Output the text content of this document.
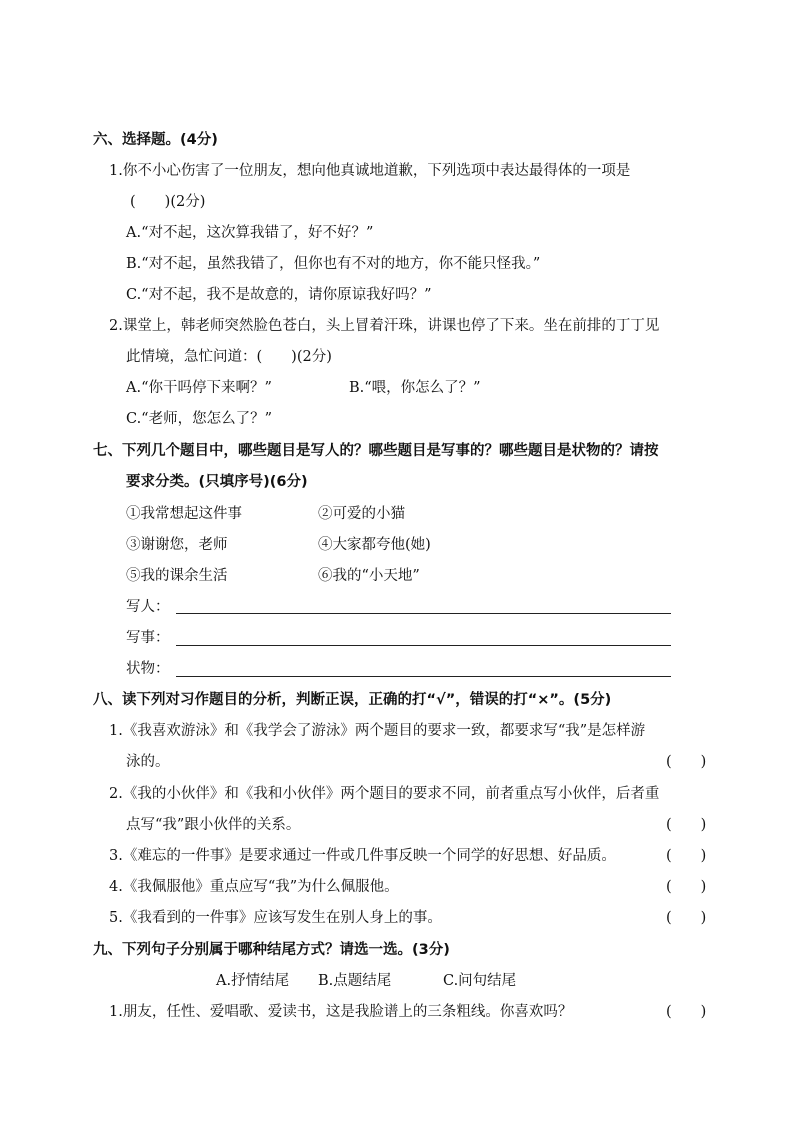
六、选择题。(4分)
1.你不小心伤害了一位朋友，想向他真诚地道歉，下列选项中表达最得体的一项是
(　　)(2分)
A.“对不起，这次算我错了，好不好？”
B.“对不起，虽然我错了，但你也有不对的地方，你不能只怪我。”
C.“对不起，我不是故意的，请你原谅我好吗？”
2.课堂上，韩老师突然脸色苍白，头上冒着汗珠，讲课也停了下来。坐在前排的丁丁见
此情境，急忙问道：(　　)(2分)
A.“你干吗停下来啊？”	B.“喂，你怎么了？”
C.“老师，您怎么了？”
七、下列几个题目中，哪些题目是写人的？哪些题目是写事的？哪些题目是状物的？请按
要求分类。(只填序号)(6分)
①我常想起这件事	②可爱的小猫
③谢谢您，老师	④大家都夸他(她)
⑤我的课余生活	⑥我的“小天地”
写人：
写事：
状物：
八、读下列对习作题目的分析，判断正误，正确的打“√”，错误的打“×”。(5分)
1.《我喜欢游泳》和《我学会了游泳》两个题目的要求一致，都要求写“我”是怎样游
泳的。	(　　)
2.《我的小伙伴》和《我和小伙伴》两个题目的要求不同，前者重点写小伙伴，后者重
点写“我”跟小伙伴的关系。	(　　)
3.《难忘的一件事》是要求通过一件或几件事反映一个同学的好思想、好品质。	(　　)
4.《我佩服他》重点应写“我”为什么佩服他。	(　　)
5.《我看到的一件事》应该写发生在别人身上的事。	(　　)
九、下列句子分别属于哪种结尾方式？请选一选。(3分)
A.抒情结尾 B.点题结尾	C.问句结尾
1.朋友，任性、爱唱歌、爱读书，这是我脸谱上的三条粗线。你喜欢吗？	(　　)
